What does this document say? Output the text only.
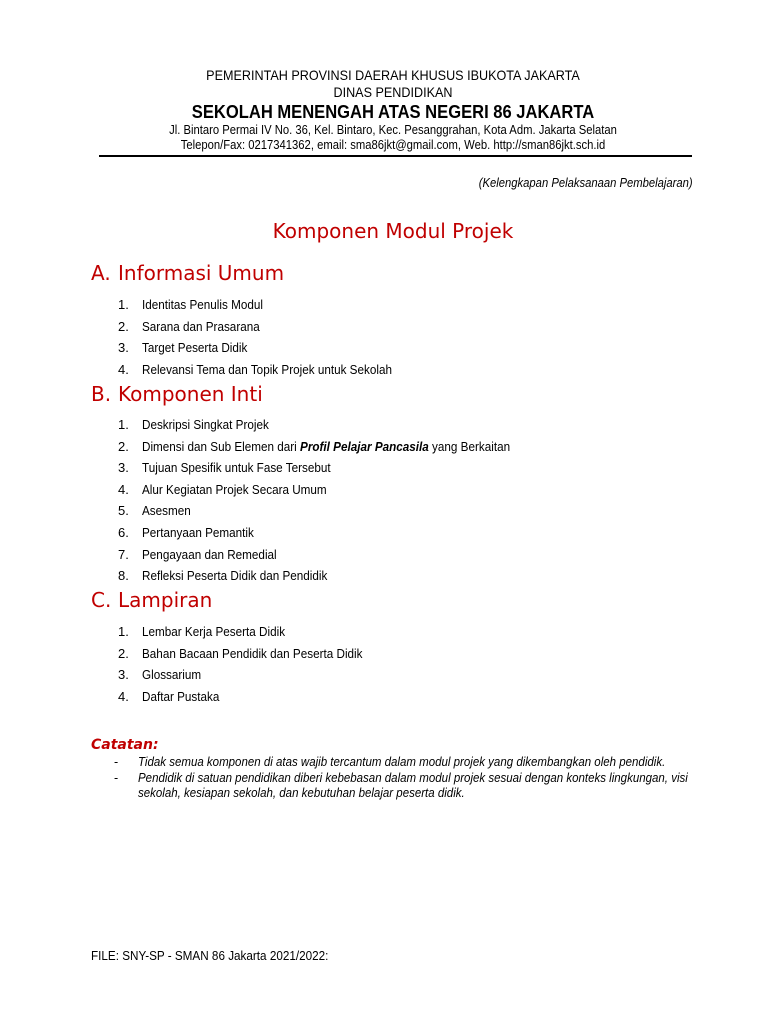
PEMERINTAH PROVINSI DAERAH KHUSUS IBUKOTA JAKARTA
DINAS PENDIDIKAN
SEKOLAH MENENGAH ATAS NEGERI 86 JAKARTA
Jl. Bintaro Permai IV No. 36, Kel. Bintaro, Kec. Pesanggrahan, Kota Adm. Jakarta Selatan
Telepon/Fax: 0217341362, email: sma86jkt@gmail.com, Web. http://sman86jkt.sch.id
(Kelengkapan Pelaksanaan Pembelajaran)
Komponen Modul Projek
A. Informasi Umum
1. Identitas Penulis Modul
2. Sarana dan Prasarana
3. Target Peserta Didik
4. Relevansi Tema dan Topik Projek untuk Sekolah
B. Komponen Inti
1. Deskripsi Singkat Projek
2. Dimensi dan Sub Elemen dari Profil Pelajar Pancasila yang Berkaitan
3. Tujuan Spesifik untuk Fase Tersebut
4. Alur Kegiatan Projek Secara Umum
5. Asesmen
6. Pertanyaan Pemantik
7. Pengayaan dan Remedial
8. Refleksi Peserta Didik dan Pendidik
C. Lampiran
1. Lembar Kerja Peserta Didik
2. Bahan Bacaan Pendidik dan Peserta Didik
3. Glossarium
4. Daftar Pustaka
Catatan:
- Tidak semua komponen di atas wajib tercantum dalam modul projek yang dikembangkan oleh pendidik.
- Pendidik di satuan pendidikan diberi kebebasan dalam modul projek sesuai dengan konteks lingkungan, visi sekolah, kesiapan sekolah, dan kebutuhan belajar peserta didik.
FILE: SNY-SP - SMAN 86 Jakarta 2021/2022:
